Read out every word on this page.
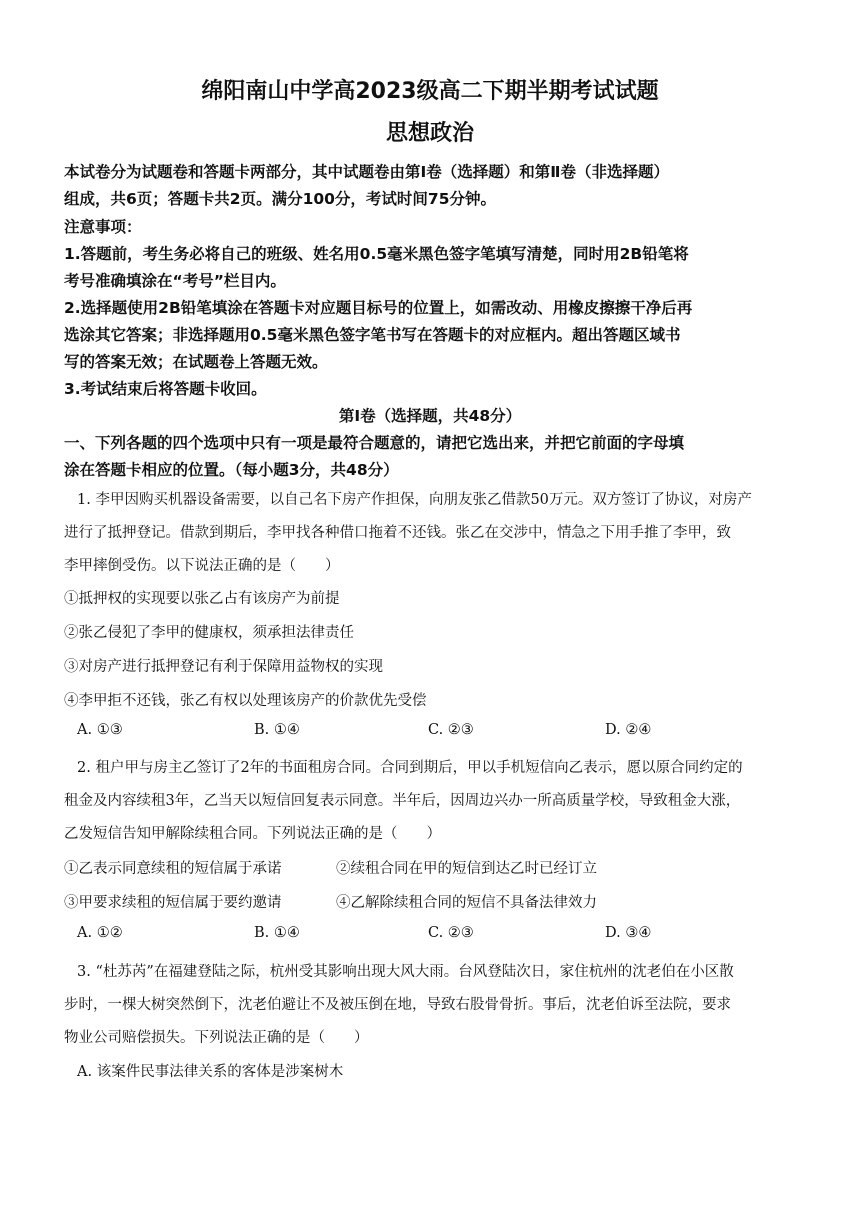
绵阳南山中学高2023级高二下期半期考试试题
思想政治
本试卷分为试题卷和答题卡两部分，其中试题卷由第Ⅰ卷（选择题）和第Ⅱ卷（非选择题）
组成，共6页；答题卡共2页。满分100分，考试时间75分钟。
注意事项：
1.答题前，考生务必将自己的班级、姓名用0.5毫米黑色签字笔填写清楚，同时用2B铅笔将
考号准确填涂在“考号”栏目内。
2.选择题使用2B铅笔填涂在答题卡对应题目标号的位置上，如需改动、用橡皮擦擦干净后再
选涂其它答案；非选择题用0.5毫米黑色签字笔书写在答题卡的对应框内。超出答题区域书
写的答案无效；在试题卷上答题无效。
3.考试结束后将答题卡收回。
第Ⅰ卷（选择题，共48分）
一、下列各题的四个选项中只有一项是最符合题意的，请把它选出来，并把它前面的字母填
涂在答题卡相应的位置。（每小题3分，共48分）
1. 李甲因购买机器设备需要，以自己名下房产作担保，向朋友张乙借款50万元。双方签订了协议，对房产
进行了抵押登记。借款到期后，李甲找各种借口拖着不还钱。张乙在交涉中，情急之下用手推了李甲，致
李甲摔倒受伤。以下说法正确的是（　　）
①抵押权的实现要以张乙占有该房产为前提
②张乙侵犯了李甲的健康权，须承担法律责任
③对房产进行抵押登记有利于保障用益物权的实现
④李甲拒不还钱，张乙有权以处理该房产的价款优先受偿
A. ①③	B. ①④	C. ②③	D. ②④
2. 租户甲与房主乙签订了2年的书面租房合同。合同到期后，甲以手机短信向乙表示，愿以原合同约定的
租金及内容续租3年，乙当天以短信回复表示同意。半年后，因周边兴办一所高质量学校，导致租金大涨，
乙发短信告知甲解除续租合同。下列说法正确的是（　　）
①乙表示同意续租的短信属于承诺	②续租合同在甲的短信到达乙时已经订立
③甲要求续租的短信属于要约邀请	④乙解除续租合同的短信不具备法律效力
A. ①②	B. ①④	C. ②③	D. ③④
3. “杜苏芮”在福建登陆之际，杭州受其影响出现大风大雨。台风登陆次日，家住杭州的沈老伯在小区散
步时，一棵大树突然倒下，沈老伯避让不及被压倒在地，导致右股骨骨折。事后，沈老伯诉至法院，要求
物业公司赔偿损失。下列说法正确的是（　　）
A. 该案件民事法律关系的客体是涉案树木
